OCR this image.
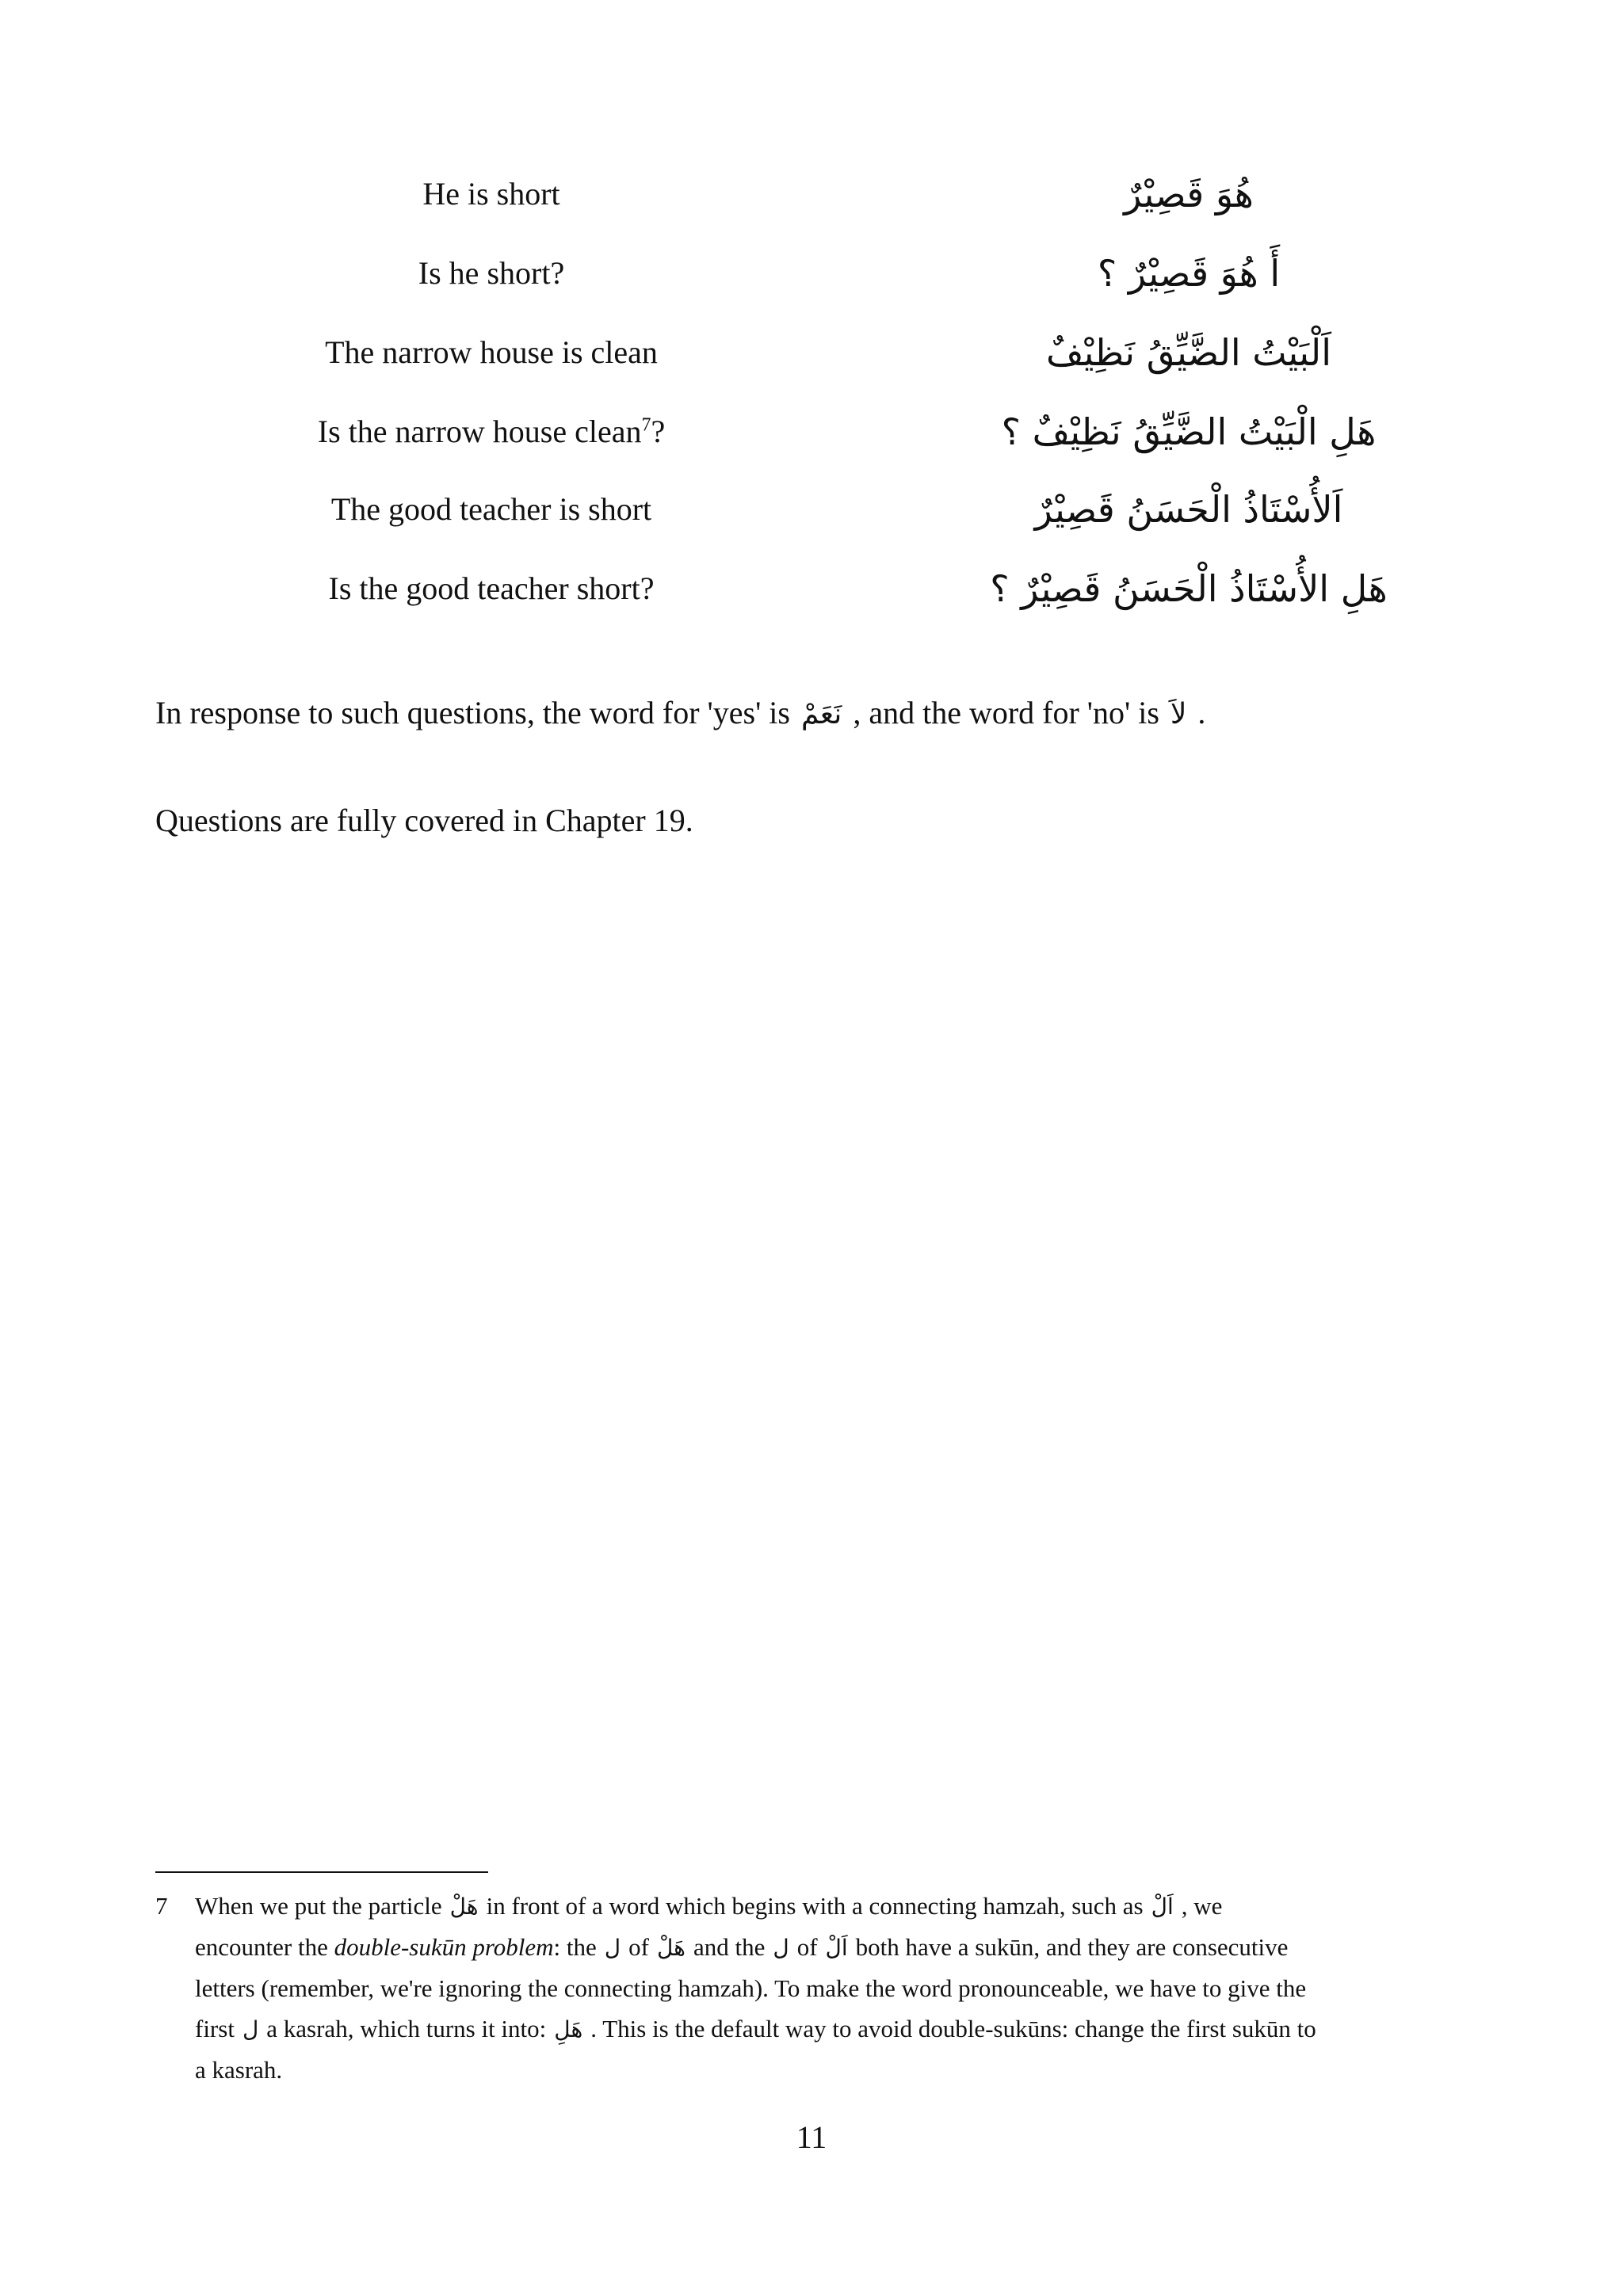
He is short	هُوَ قَصِيْرٌ
Is he short?	أَ هُوَ قَصِيْرٌ ؟
The narrow house is clean	اَلْبَيْتُ الضَّيِّقُ نَظِيْفٌ
Is the narrow house clean$^7$?	هَلِ الْبَيْتُ الضَّيِّقُ نَظِيْفٌ ؟
The good teacher is short	اَلأُسْتَاذُ الْحَسَنُ قَصِيْرٌ
Is the good teacher short?	هَلِ الأُسْتَاذُ الْحَسَنُ قَصِيْرٌ ؟
In response to such questions, the word for 'yes' is نَعَمْ , and the word for 'no' is لاَ .
Questions are fully covered in Chapter 19.
7 When we put the particle هَلْ in front of a word which begins with a connecting hamzah, such as اَلْ , we
encounter the double-sukūn problem: the ل of هَلْ and the ل of اَلْ both have a sukūn, and they are consecutive
letters (remember, we're ignoring the connecting hamzah). To make the word pronounceable, we have to give the
first ل a kasrah, which turns it into: هَلِ . This is the default way to avoid double-sukūns: change the first sukūn to
a kasrah.
11
